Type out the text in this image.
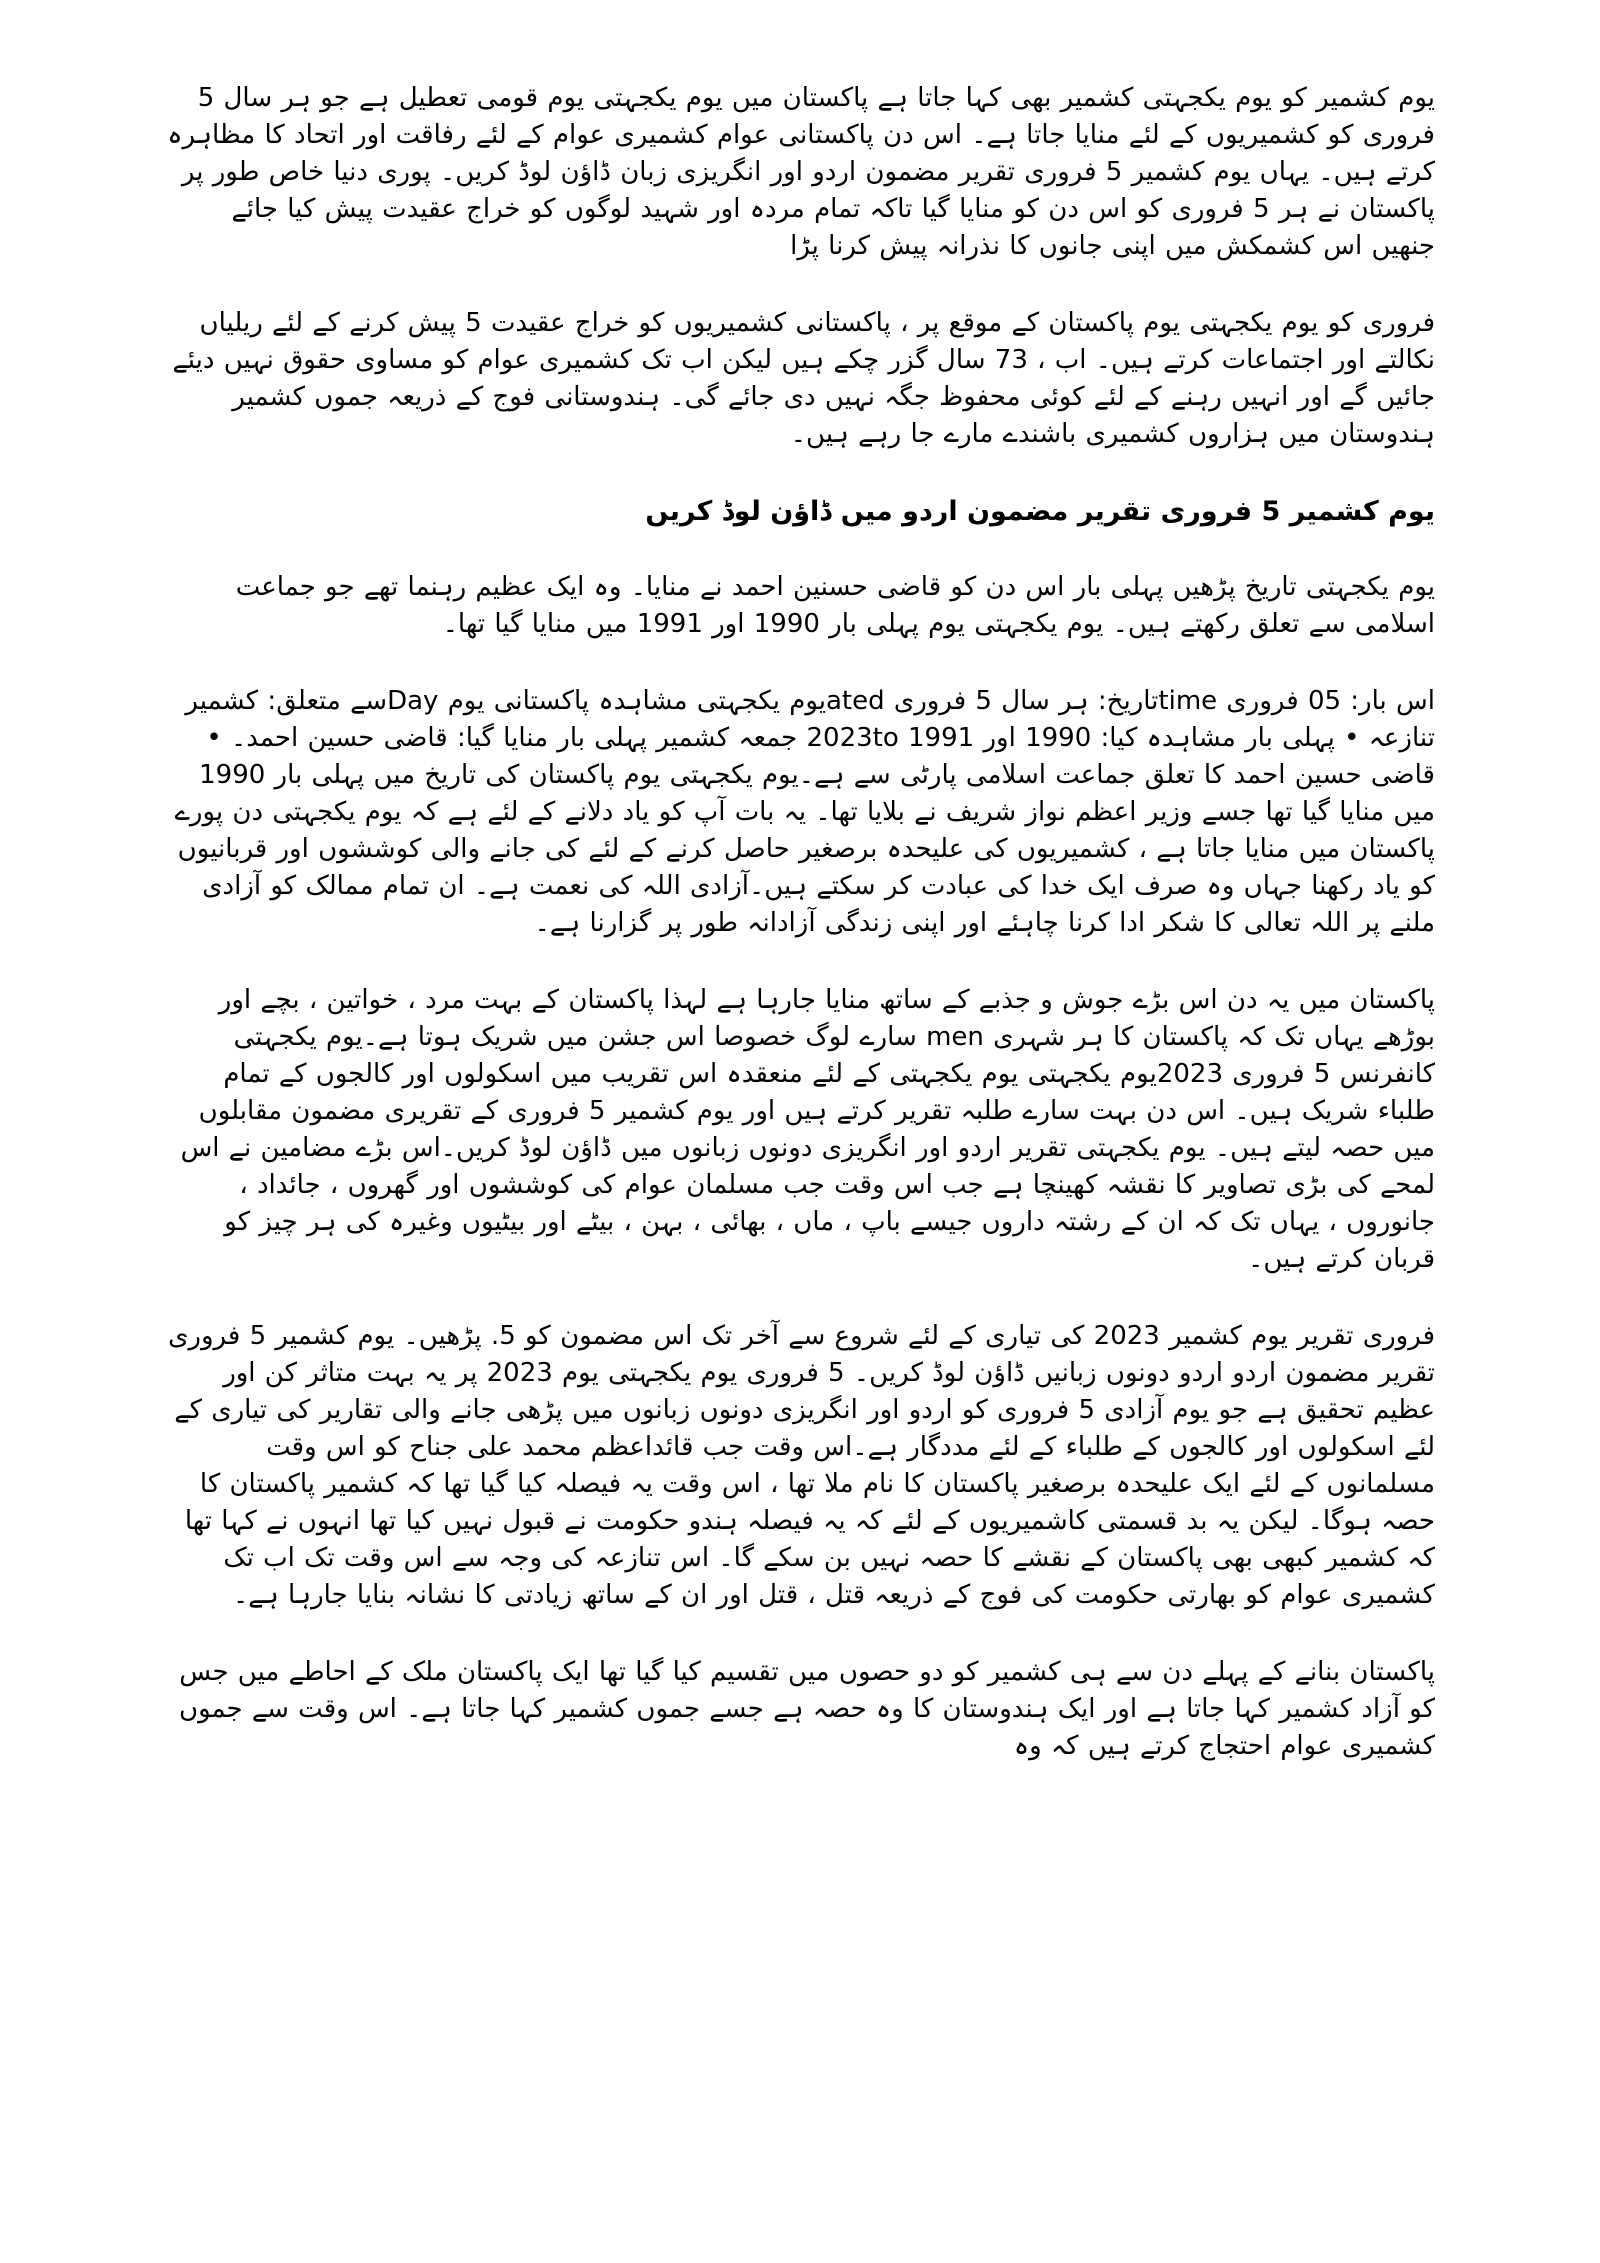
یوم کشمیر کو یوم یکجہتی کشمیر بھی کہا جاتا ہے پاکستان میں یوم یکجہتی یوم قومی تعطیل ہے جو ہر سال 5 فروری کو کشمیریوں کے لئے منایا جاتا ہے۔ اس دن پاکستانی عوام کشمیری عوام کے لئے رفاقت اور اتحاد کا مظاہرہ کرتے ہیں۔ یہاں یوم کشمیر 5 فروری تقریر مضمون اردو اور انگریزی زبان ڈاؤن لوڈ کریں۔ پوری دنیا خاص طور پر پاکستان نے ہر 5 فروری کو اس دن کو منایا گیا تاکہ تمام مردہ اور شہید لوگوں کو خراج عقیدت پیش کیا جائے جنھیں اس کشمکش میں اپنی جانوں کا نذرانہ پیش کرنا پڑا

فروری کو یوم یکجہتی یوم پاکستان کے موقع پر ، پاکستانی کشمیریوں کو خراج عقیدت 5 پیش کرنے کے لئے ریلیاں نکالتے اور اجتماعات کرتے ہیں۔ اب ، 73 سال گزر چکے ہیں لیکن اب تک کشمیری عوام کو مساوی حقوق نہیں دیئے جائیں گے اور انہیں رہنے کے لئے کوئی محفوظ جگہ نہیں دی جائے گی۔ ہندوستانی فوج کے ذریعہ جموں کشمیر ہندوستان میں ہزاروں کشمیری باشندے مارے جا رہے ہیں۔

یوم کشمیر 5 فروری تقریر مضمون اردو میں ڈاؤن لوڈ کریں

یوم یکجہتی تاریخ پڑھیں پہلی بار اس دن کو قاضی حسنین احمد نے منایا۔ وہ ایک عظیم رہنما تھے جو جماعت اسلامی سے تعلق رکھتے ہیں۔ یوم یکجہتی یوم پہلی بار 1990 اور 1991 میں منایا گیا تھا۔

اس بار: 05 فروری timeتاریخ: ہر سال 5 فروری atedیوم یکجہتی مشاہدہ پاکستانی یوم Dayسے متعلق: کشمیر تنازعہ • پہلی بار مشاہدہ کیا: 1990 اور 2023to 1991 جمعہ کشمیر پہلی بار منایا گیا: قاضی حسین احمد۔ • قاضی حسین احمد کا تعلق جماعت اسلامی پارٹی سے ہے۔یوم یکجہتی یوم پاکستان کی تاریخ میں پہلی بار 1990 میں منایا گیا تھا جسے وزیر اعظم نواز شریف نے بلایا تھا۔ یہ بات آپ کو یاد دلانے کے لئے ہے کہ یوم یکجہتی دن پورے پاکستان میں منایا جاتا ہے ، کشمیریوں کی علیحدہ برصغیر حاصل کرنے کے لئے کی جانے والی کوششوں اور قربانیوں کو یاد رکھنا جہاں وہ صرف ایک خدا کی عبادت کر سکتے ہیں۔آزادی اللہ کی نعمت ہے۔ ان تمام ممالک کو آزادی ملنے پر اللہ تعالی کا شکر ادا کرنا چاہئے اور اپنی زندگی آزادانہ طور پر گزارنا ہے۔

پاکستان میں یہ دن اس بڑے جوش و جذبے کے ساتھ منایا جارہا ہے لہذا پاکستان کے بہت مرد ، خواتین ، بچے اور بوڑھے یہاں تک کہ پاکستان کا ہر شہری men سارے لوگ خصوصا اس جشن میں شریک ہوتا ہے۔یوم یکجہتی کانفرنس 5 فروری 2023یوم یکجہتی یوم یکجہتی کے لئے منعقدہ اس تقریب میں اسکولوں اور کالجوں کے تمام طلباء شریک ہیں۔ اس دن بہت سارے طلبہ تقریر کرتے ہیں اور یوم کشمیر 5 فروری کے تقریری مضمون مقابلوں میں حصہ لیتے ہیں۔ یوم یکجہتی تقریر اردو اور انگریزی دونوں زبانوں میں ڈاؤن لوڈ کریں۔اس بڑے مضامین نے اس لمحے کی بڑی تصاویر کا نقشہ کھینچا ہے جب اس وقت جب مسلمان عوام کی کوششوں اور گھروں ، جائداد ، جانوروں ، یہاں تک کہ ان کے رشتہ داروں جیسے باپ ، ماں ، بھائی ، بہن ، بیٹے اور بیٹیوں وغیرہ کی ہر چیز کو قربان کرتے ہیں۔

فروری تقریر یوم کشمیر 2023 کی تیاری کے لئے شروع سے آخر تک اس مضمون کو 5. پڑھیں۔ یوم کشمیر 5 فروری تقریر مضمون اردو اردو دونوں زبانیں ڈاؤن لوڈ کریں۔ 5 فروری یوم یکجہتی یوم 2023 پر یہ بہت متاثر کن اور عظیم تحقیق ہے جو یوم آزادی 5 فروری کو اردو اور انگریزی دونوں زبانوں میں پڑھی جانے والی تقاریر کی تیاری کے لئے اسکولوں اور کالجوں کے طلباء کے لئے مددگار ہے۔اس وقت جب قائداعظم محمد علی جناح کو اس وقت مسلمانوں کے لئے ایک علیحدہ برصغیر پاکستان کا نام ملا تھا ، اس وقت یہ فیصلہ کیا گیا تھا کہ کشمیر پاکستان کا حصہ ہوگا۔ لیکن یہ بد قسمتی کاشمیریوں کے لئے کہ یہ فیصلہ ہندو حکومت نے قبول نہیں کیا تھا انہوں نے کہا تھا کہ کشمیر کبھی بھی پاکستان کے نقشے کا حصہ نہیں بن سکے گا۔ اس تنازعہ کی وجہ سے اس وقت تک اب تک کشمیری عوام کو بھارتی حکومت کی فوج کے ذریعہ قتل ، قتل اور ان کے ساتھ زیادتی کا نشانہ بنایا جارہا ہے۔

پاکستان بنانے کے پہلے دن سے ہی کشمیر کو دو حصوں میں تقسیم کیا گیا تھا ایک پاکستان ملک کے احاطے میں جس کو آزاد کشمیر کہا جاتا ہے اور ایک ہندوستان کا وہ حصہ ہے جسے جموں کشمیر کہا جاتا ہے۔ اس وقت سے جموں کشمیری عوام احتجاج کرتے ہیں کہ وہ
